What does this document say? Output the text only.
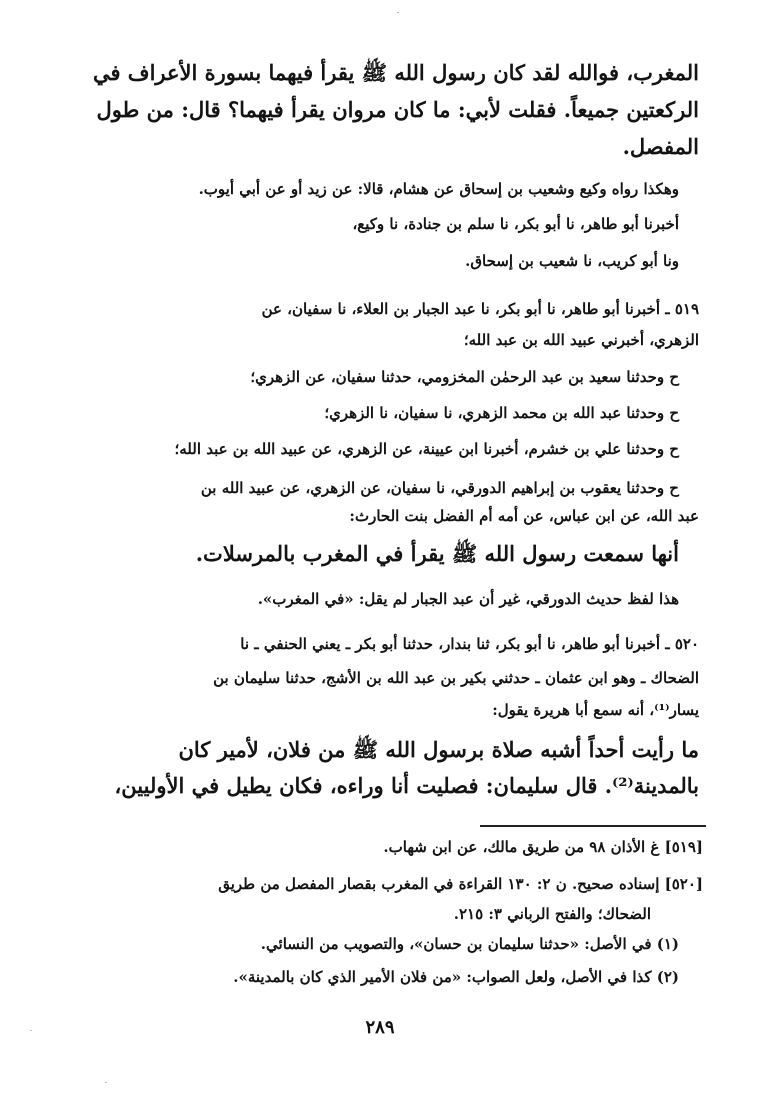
المغرب، فوالله لقد كان رسول الله ﷺ يقرأ فيهما بسورة الأعراف في
الركعتين جميعاً. فقلت لأبي: ما كان مروان يقرأ فيهما؟ قال: من طول
المفصل.
وهكذا رواه وكيع وشعيب بن إسحاق عن هشام، قالا: عن زيد أو عن أبي أيوب.
أخبرنا أبو طاهر، نا أبو بكر، نا سلم بن جنادة، نا وكيع،
ونا أبو كريب، نا شعيب بن إسحاق.
٥١٩ ـ أخبرنا أبو طاهر، نا أبو بكر، نا عبد الجبار بن العلاء، نا سفيان، عن
الزهري، أخبرني عبيد الله بن عبد الله؛
ح وحدثنا سعيد بن عبد الرحمٰن المخزومي، حدثنا سفيان، عن الزهري؛
ح وحدثنا عبد الله بن محمد الزهري، نا سفيان، نا الزهري؛
ح وحدثنا علي بن خشرم، أخبرنا ابن عيينة، عن الزهري، عن عبيد الله بن عبد الله؛
ح وحدثنا يعقوب بن إبراهيم الدورقي، نا سفيان، عن الزهري، عن عبيد الله بن
عبد الله، عن ابن عباس، عن أمه أم الفضل بنت الحارث:
أنها سمعت رسول الله ﷺ يقرأ في المغرب بالمرسلات.
هذا لفظ حديث الدورقي، غير أن عبد الجبار لم يقل: «في المغرب».
٥٢٠ ـ أخبرنا أبو طاهر، نا أبو بكر، ثنا بندار، حدثنا أبو بكر ـ يعني الحنفي ـ نا
الضحاك ـ وهو ابن عثمان ـ حدثني بكير بن عبد الله بن الأشج، حدثنا سليمان بن
يسار⁽¹⁾، أنه سمع أبا هريرة يقول:
ما رأيت أحداً أشبه صلاة برسول الله ﷺ من فلان، لأمير كان
بالمدينة⁽²⁾. قال سليمان: فصليت أنا وراءه، فكان يطيل في الأوليين،
[٥١٩] غ الأذان ٩٨ من طريق مالك، عن ابن شهاب.
[٥٢٠] إسناده صحيح. ن ٢: ١٣٠ القراءة في المغرب بقصار المفصل من طريق
الضحاك؛ والفتح الرباني ٣: ٢١٥.
(١) في الأصل: «حدثنا سليمان بن حسان»، والتصويب من النسائي.
(٢) كذا في الأصل، ولعل الصواب: «من فلان الأمير الذي كان بالمدينة».
٢٨٩
